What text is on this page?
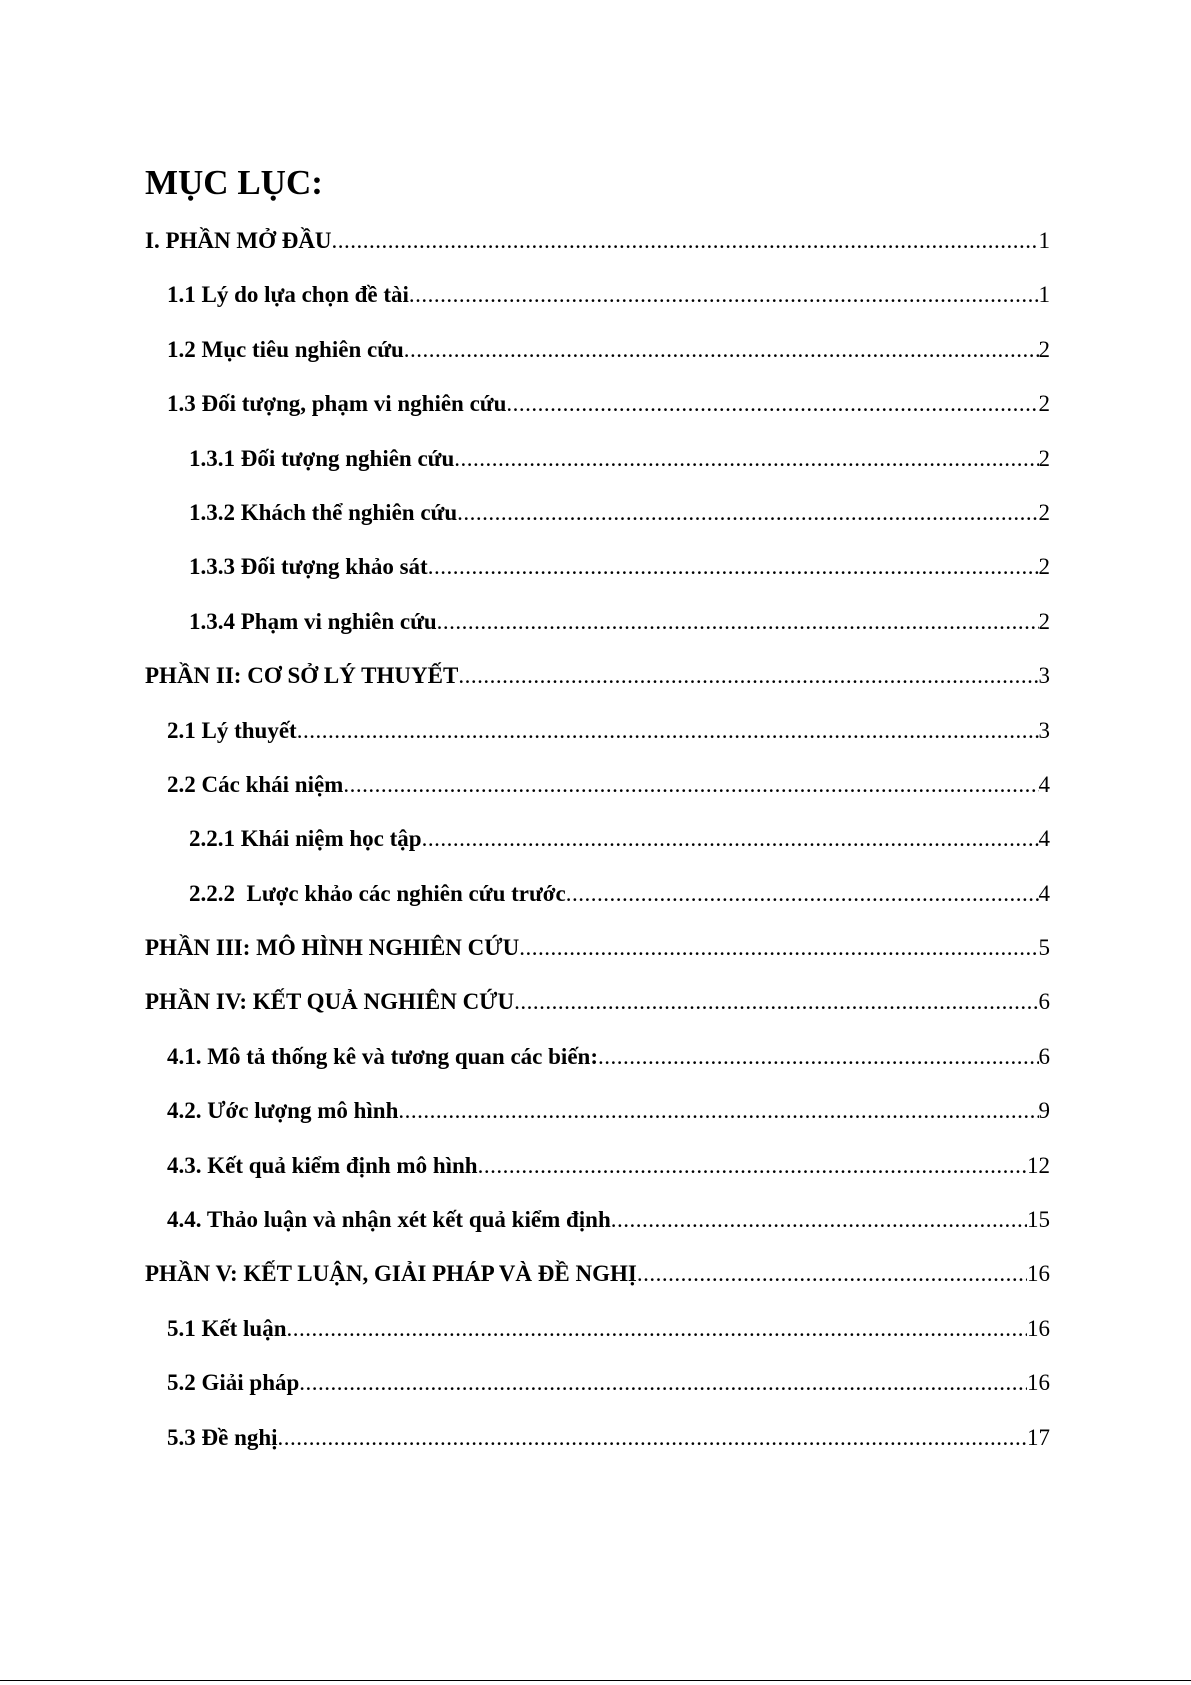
MỤC LỤC:
I. PHẦN MỞ ĐẦU .....	1
1.1 Lý do lựa chọn đề tài .....	1
1.2 Mục tiêu nghiên cứu .....	2
1.3 Đối tượng, phạm vi nghiên cứu .....	2
1.3.1 Đối tượng nghiên cứu .....	2
1.3.2 Khách thể nghiên cứu .....	2
1.3.3 Đối tượng khảo sát .....	2
1.3.4 Phạm vi nghiên cứu .....	2
PHẦN II: CƠ SỞ LÝ THUYẾT .....	3
2.1 Lý thuyết .....	3
2.2 Các khái niệm .....	4
2.2.1 Khái niệm học tập .....	4
2.2.2  Lược khảo các nghiên cứu trước .....	4
PHẦN III: MÔ HÌNH NGHIÊN CỨU .....	5
PHẦN IV: KẾT QUẢ NGHIÊN CỨU .....	6
4.1. Mô tả thống kê và tương quan các biến: .....	6
4.2. Ước lượng mô hình .....	9
4.3. Kết quả kiểm định mô hình .....	12
4.4. Thảo luận và nhận xét kết quả kiểm định .....	15
PHẦN V: KẾT LUẬN, GIẢI PHÁP VÀ ĐỀ NGHỊ .....	16
5.1 Kết luận .....	16
5.2 Giải pháp .....	16
5.3 Đề nghị .....	17
